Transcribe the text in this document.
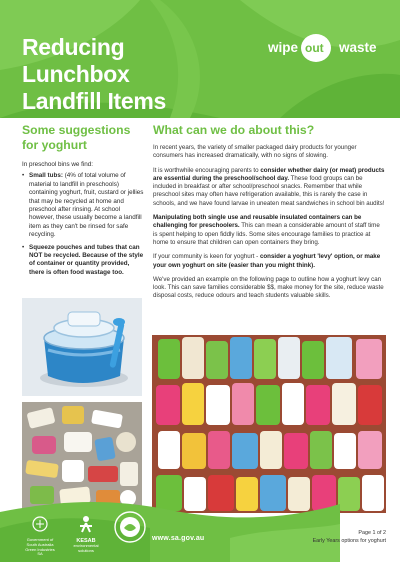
Reducing
Lunchbox
Landfill Items
wipe out waste
Some suggestions for yoghurt
In preschool bins we find:
• Small tubs: (4% of total volume of material to landfill in preschools) containing yoghurt, fruit, custard or jellies that may be recycled at home and preschool after rinsing. At school however, these usually become a landfill item as they can't be rinsed for safe recycling.
• Squeeze pouches and tubes that can NOT be recycled. Because of the style of container or quantity provided, there is often food wastage too.
What can we do about this?

In recent years, the variety of smaller packaged dairy products for younger consumers has increased dramatically, with no signs of slowing.

It is worthwhile encouraging parents to consider whether dairy (or meat) products are essential during the preschool/school day. These food groups can be included in breakfast or after school/preschool snacks. Remember that while preschool sites may often have refrigeration available, this is rarely the case in schools, and we have found larvae in uneaten meat sandwiches in school bin audits!

Manipulating both single use and reusable insulated containers can be challenging for preschoolers. This can mean a considerable amount of staff time is spent helping to open fiddly lids. Some sites encourage families to practice at home to ensure that children can open containers they bring.

If your community is keen for yoghurt - consider a yoghurt 'levy' option, or make your own yoghurt on site (easier than you might think).

We've provided an example on the following page to outline how a yoghurt levy can look. This can save families considerable $$, make money for the site, reduce waste disposal costs, reduce odours and teach students valuable skills.

Government of South Australia
Green Industries SA
KESAB
environmental solutions
www.sa.gov.au
Page 1 of 2
Early Years options for yoghurt
